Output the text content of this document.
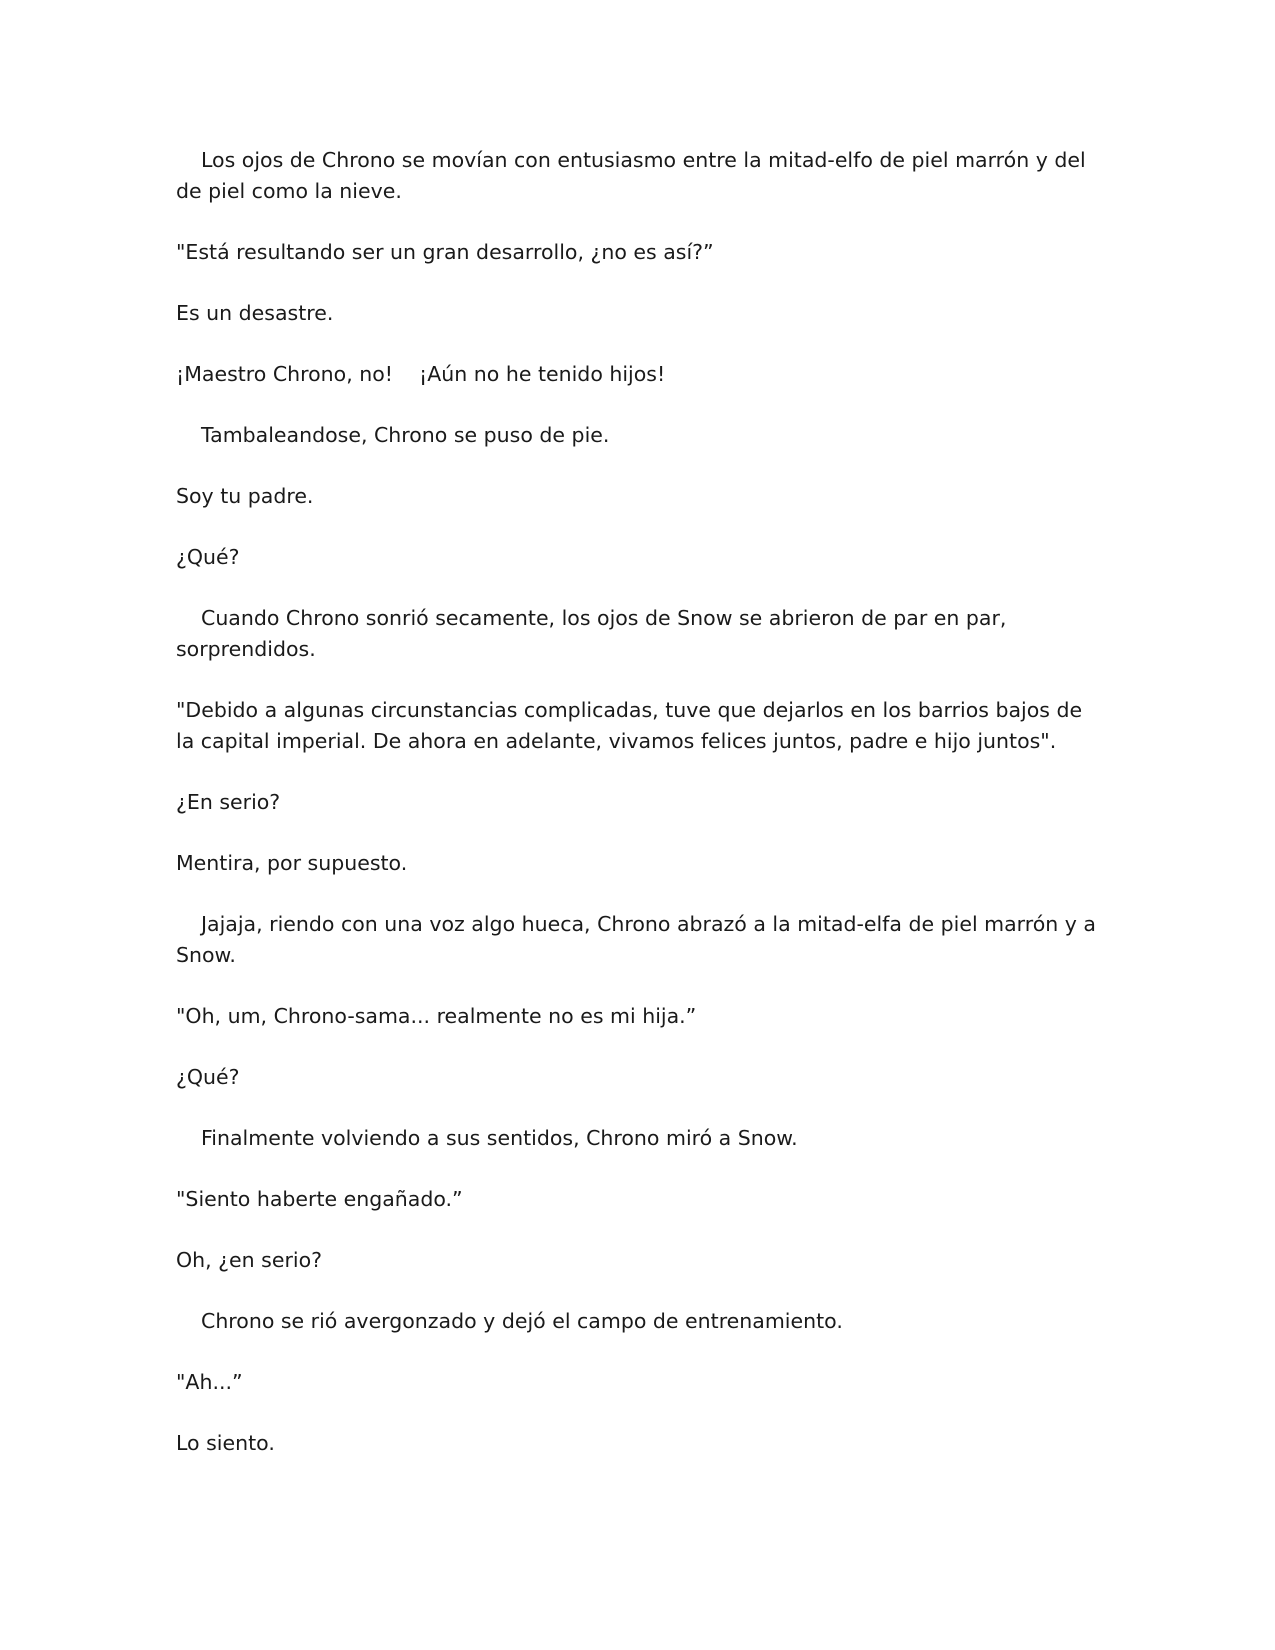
Los ojos de Chrono se movían con entusiasmo entre la mitad-elfo de piel marrón y del de piel como la nieve.

"Está resultando ser un gran desarrollo, ¿no es así?”

Es un desastre.

¡Maestro Chrono, no!    ¡Aún no he tenido hijos!

Tambaleandose, Chrono se puso de pie.

Soy tu padre.

¿Qué?

Cuando Chrono sonrió secamente, los ojos de Snow se abrieron de par en par, sorprendidos.

"Debido a algunas circunstancias complicadas, tuve que dejarlos en los barrios bajos de la capital imperial. De ahora en adelante, vivamos felices juntos, padre e hijo juntos".

¿En serio?

Mentira, por supuesto.

Jajaja, riendo con una voz algo hueca, Chrono abrazó a la mitad-elfa de piel marrón y a Snow.

"Oh, um, Chrono-sama... realmente no es mi hija.”

¿Qué?

Finalmente volviendo a sus sentidos, Chrono miró a Snow.

"Siento haberte engañado.”

Oh, ¿en serio?

Chrono se rió avergonzado y dejó el campo de entrenamiento.

"Ah...”

Lo siento.
